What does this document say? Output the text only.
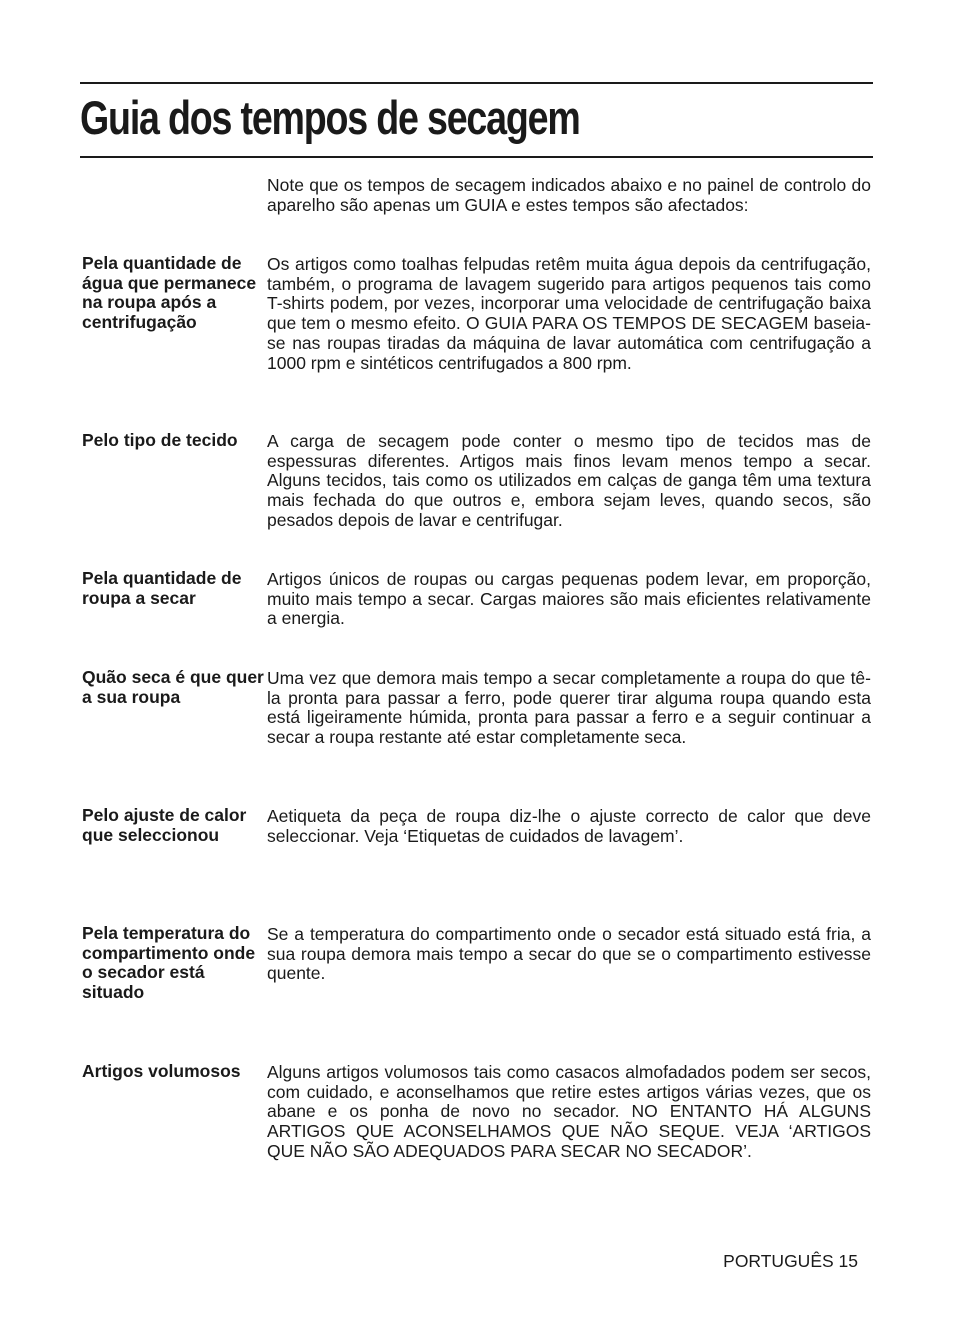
Guia dos tempos de secagem

Note que os tempos de secagem indicados abaixo e no painel de controlo do aparelho são apenas um GUIA e estes tempos são afectados:

Pela quantidade de água que permanece na roupa após a centrifugação

Os artigos como toalhas felpudas retêm muita água depois da centrifugação, também, o programa de lavagem sugerido para artigos pequenos tais como T-shirts podem, por vezes, incorporar uma velocidade de centrifugação baixa que tem o mesmo efeito. O GUIA PARA OS TEMPOS DE SECAGEM baseia-se nas roupas tiradas da máquina de lavar automática com centrifugação a 1000 rpm e sintéticos centrifugados a 800 rpm.

Pelo tipo de tecido	A carga de secagem pode conter o mesmo tipo de tecidos mas de espessuras diferentes. Artigos mais finos levam menos tempo a secar. Alguns tecidos, tais como os utilizados em calças de ganga têm uma textura mais fechada do que outros e, embora sejam leves, quando secos, são pesados depois de lavar e centrifugar.

Pela quantidade de roupa a secar

Artigos únicos de roupas ou cargas pequenas podem levar, em proporção, muito mais tempo a secar. Cargas maiores são mais eficientes relativamente a energia.

Quão seca é que quer a sua roupa

Uma vez que demora mais tempo a secar completamente a roupa do que tê-la pronta para passar a ferro, pode querer tirar alguma roupa quando esta está ligeiramente húmida, pronta para passar a ferro e a seguir continuar a secar a roupa restante até estar completamente seca.

Pelo ajuste de calor que seleccionou

Aetiqueta da peça de roupa diz-lhe o ajuste correcto de calor que deve seleccionar. Veja ‘Etiquetas de cuidados de lavagem’.

Pela temperatura do compartimento onde o secador está situado

Se a temperatura do compartimento onde o secador está situado está fria, a sua roupa demora mais tempo a secar do que se o compartimento estivesse quente.

Artigos volumosos	Alguns artigos volumosos tais como casacos almofadados podem ser secos, com cuidado, e aconselhamos que retire estes artigos várias vezes, que os abane e os ponha de novo no secador. NO ENTANTO HÁ ALGUNS ARTIGOS QUE ACONSELHAMOS QUE NÃO SEQUE. VEJA ‘ARTIGOS QUE NÃO SÃO ADEQUADOS PARA SECAR NO SECADOR’.

PORTUGUÊS 15
